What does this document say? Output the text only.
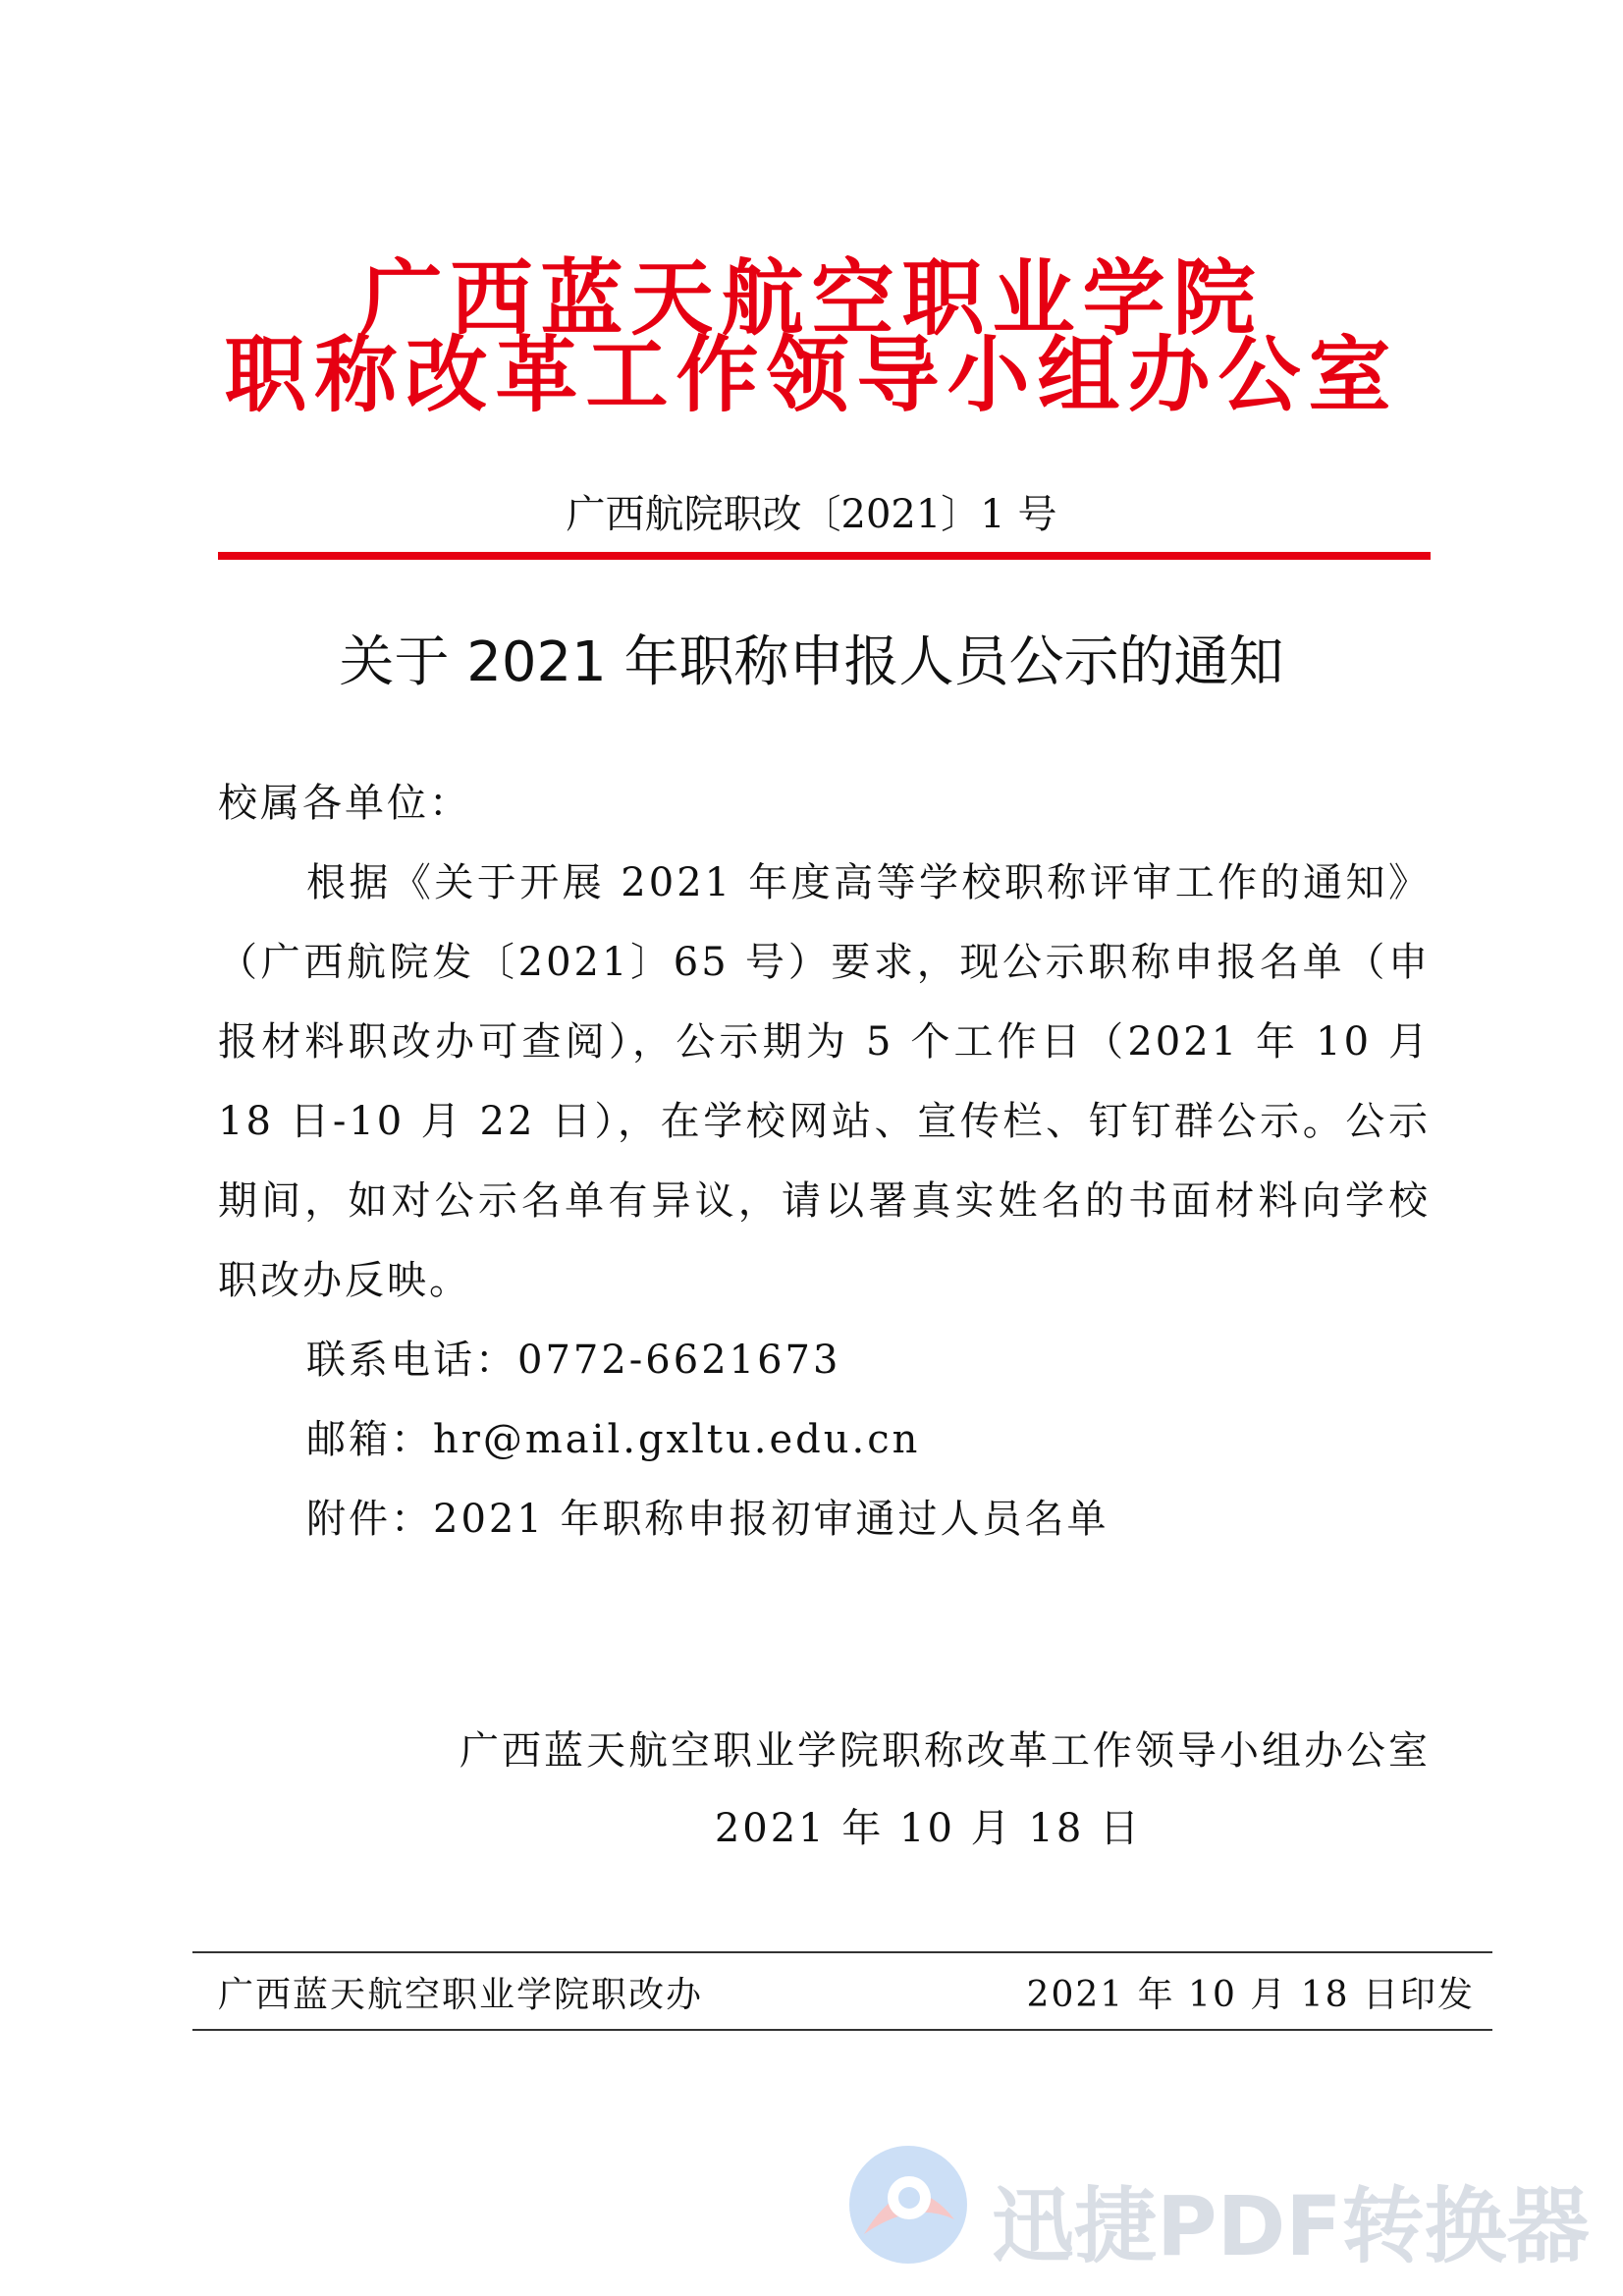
广西蓝天航空职业学院
职称改革工作领导小组办公室
广西航院职改〔2021〕1 号
关于 2021 年职称申报人员公示的通知
校属各单位：
根据《关于开展 2021 年度高等学校职称评审工作的通知》（广西航院发〔2021〕65 号）要求，现公示职称申报名单（申报材料职改办可查阅），公示期为 5 个工作日（2021 年 10 月 18 日-10 月 22 日），在学校网站、宣传栏、钉钉群公示。公示期间，如对公示名单有异议，请以署真实姓名的书面材料向学校职改办反映。
联系电话：0772-6621673
邮箱：hr@mail.gxltu.edu.cn
附件：2021 年职称申报初审通过人员名单
广西蓝天航空职业学院职称改革工作领导小组办公室
2021 年 10 月 18 日
广西蓝天航空职业学院职改办	2021 年 10 月 18 日印发
迅捷PDF转换器
